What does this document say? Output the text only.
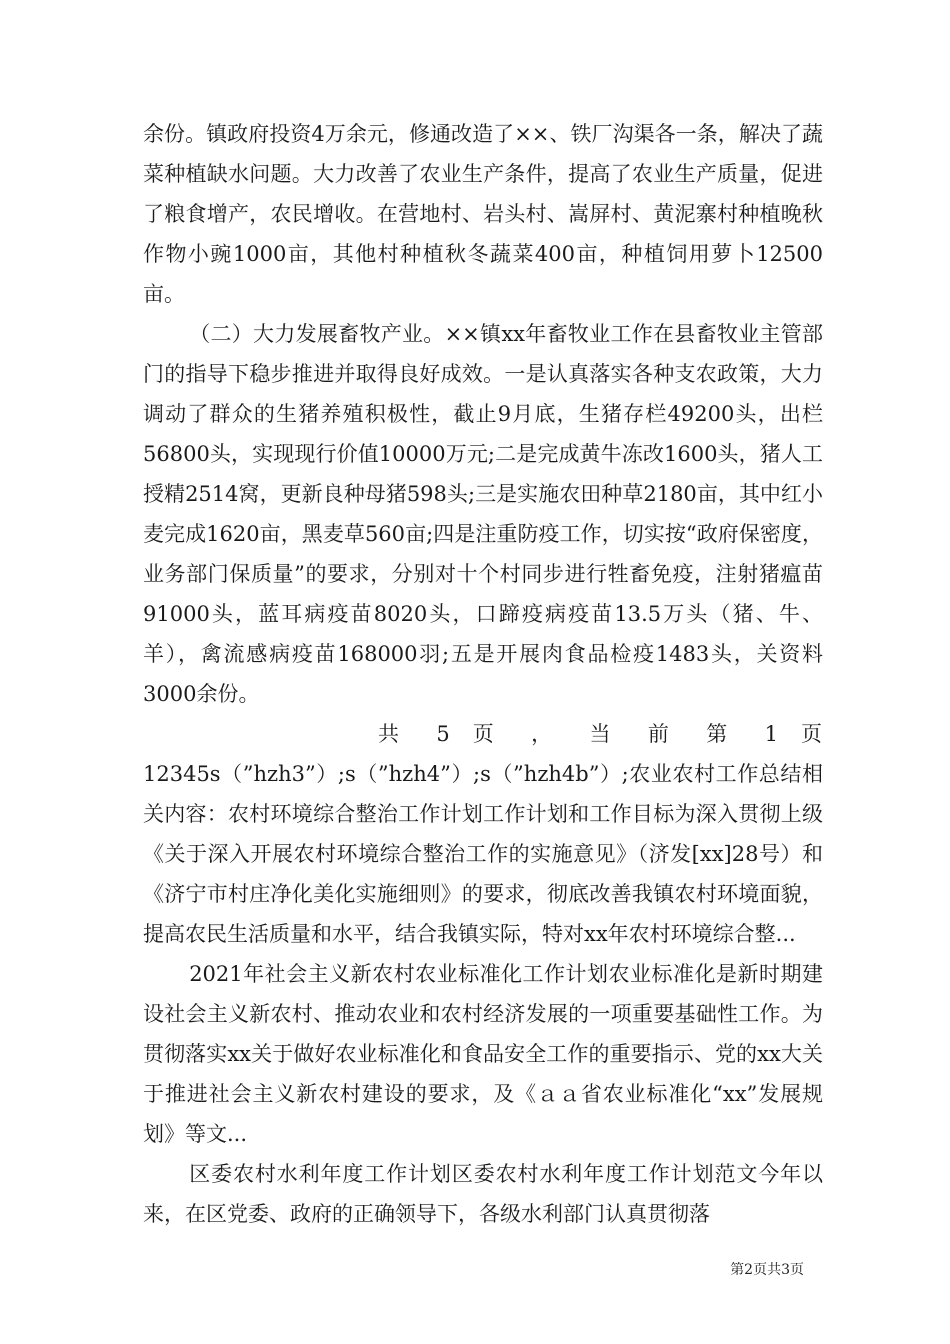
余份。镇政府投资4万余元，修通改造了××、铁厂沟渠各一条，解决了蔬菜种植缺水问题。大力改善了农业生产条件，提高了农业生产质量，促进了粮食增产，农民增收。在营地村、岩头村、嵩屏村、黄泥寨村种植晚秋作物小豌1000亩，其他村种植秋冬蔬菜400亩，种植饲用萝卜12500亩。

（二）大力发展畜牧产业。××镇xx年畜牧业工作在县畜牧业主管部门的指导下稳步推进并取得良好成效。一是认真落实各种支农政策，大力调动了群众的生猪养殖积极性，截止9月底，生猪存栏49200头，出栏56800头，实现现行价值10000万元;二是完成黄牛冻改1600头，猪人工授精2514窝，更新良种母猪598头;三是实施农田种草2180亩，其中红小麦完成1620亩，黑麦草560亩;四是注重防疫工作，切实按“政府保密度，业务部门保质量”的要求，分别对十个村同步进行牲畜免疫，注射猪瘟苗91000头，蓝耳病疫苗8020头，口蹄疫病疫苗13.5万头（猪、牛、羊），禽流感病疫苗168000羽;五是开展肉食品检疫1483头，关资料3000余份。

共 5 页 ， 当 前 第 1 页

12345s（”hzh3”）;s（”hzh4”）;s（”hzh4b”）;农业农村工作总结相关内容：农村环境综合整治工作计划工作计划和工作目标为深入贯彻上级《关于深入开展农村环境综合整治工作的实施意见》（济发[xx]28号）和《济宁市村庄净化美化实施细则》的要求，彻底改善我镇农村环境面貌，提高农民生活质量和水平，结合我镇实际，特对xx年农村环境综合整...

2021年社会主义新农村农业标准化工作计划农业标准化是新时期建设社会主义新农村、推动农业和农村经济发展的一项重要基础性工作。为贯彻落实xx关于做好农业标准化和食品安全工作的重要指示、党的xx大关于推进社会主义新农村建设的要求，及《ａａ省农业标准化“xx”发展规划》等文...

区委农村水利年度工作计划区委农村水利年度工作计划范文今年以来，在区党委、政府的正确领导下，各级水利部门认真贯彻落

第2页共3页
